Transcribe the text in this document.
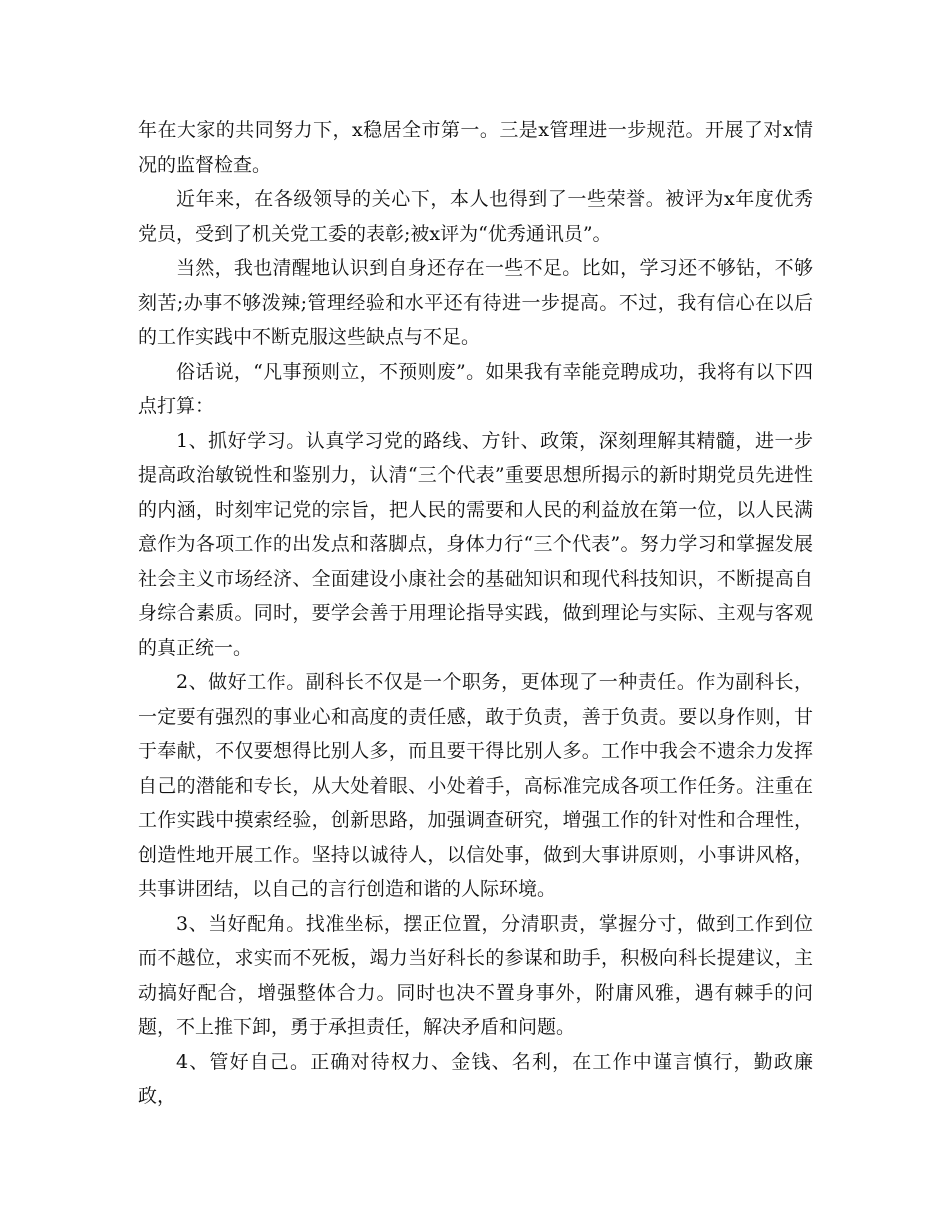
年在大家的共同努力下，x稳居全市第一。三是x管理进一步规范。开展了对x情况的监督检查。

近年来，在各级领导的关心下，本人也得到了一些荣誉。被评为x年度优秀党员，受到了机关党工委的表彰;被x评为“优秀通讯员”。

当然，我也清醒地认识到自身还存在一些不足。比如，学习还不够钻，不够刻苦;办事不够泼辣;管理经验和水平还有待进一步提高。不过，我有信心在以后的工作实践中不断克服这些缺点与不足。

俗话说，“凡事预则立，不预则废”。如果我有幸能竞聘成功，我将有以下四点打算：

1、抓好学习。认真学习党的路线、方针、政策，深刻理解其精髓，进一步提高政治敏锐性和鉴别力，认清“三个代表”重要思想所揭示的新时期党员先进性的内涵，时刻牢记党的宗旨，把人民的需要和人民的利益放在第一位，以人民满意作为各项工作的出发点和落脚点，身体力行“三个代表”。努力学习和掌握发展社会主义市场经济、全面建设小康社会的基础知识和现代科技知识，不断提高自身综合素质。同时，要学会善于用理论指导实践，做到理论与实际、主观与客观的真正统一。

2、做好工作。副科长不仅是一个职务，更体现了一种责任。作为副科长，一定要有强烈的事业心和高度的责任感，敢于负责，善于负责。要以身作则，甘于奉献，不仅要想得比别人多，而且要干得比别人多。工作中我会不遗余力发挥自己的潜能和专长，从大处着眼、小处着手，高标准完成各项工作任务。注重在工作实践中摸索经验，创新思路，加强调查研究，增强工作的针对性和合理性，创造性地开展工作。坚持以诚待人，以信处事，做到大事讲原则，小事讲风格，共事讲团结，以自己的言行创造和谐的人际环境。

3、当好配角。找准坐标，摆正位置，分清职责，掌握分寸，做到工作到位而不越位，求实而不死板，竭力当好科长的参谋和助手，积极向科长提建议，主动搞好配合，增强整体合力。同时也决不置身事外，附庸风雅，遇有棘手的问题，不上推下卸，勇于承担责任，解决矛盾和问题。

4、管好自己。正确对待权力、金钱、名利，在工作中谨言慎行，勤政廉政，
